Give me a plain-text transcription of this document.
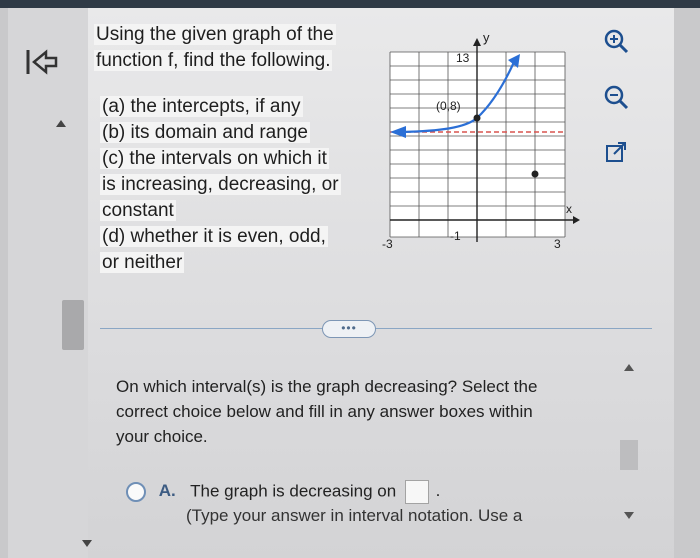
Using the given graph of the
function f, find the following.
(a) the intercepts, if any
(b) its domain and range
(c) the intervals on which it
is increasing, decreasing, or
constant
(d) whether it is even, odd,
or neither
y
x
13
(0,8)
-3
-1
3
•••
On which interval(s) is the graph decreasing? Select the
correct choice below and fill in any answer boxes within
your choice.
A. The graph is decreasing on .
(Type your answer in interval notation. Use a
